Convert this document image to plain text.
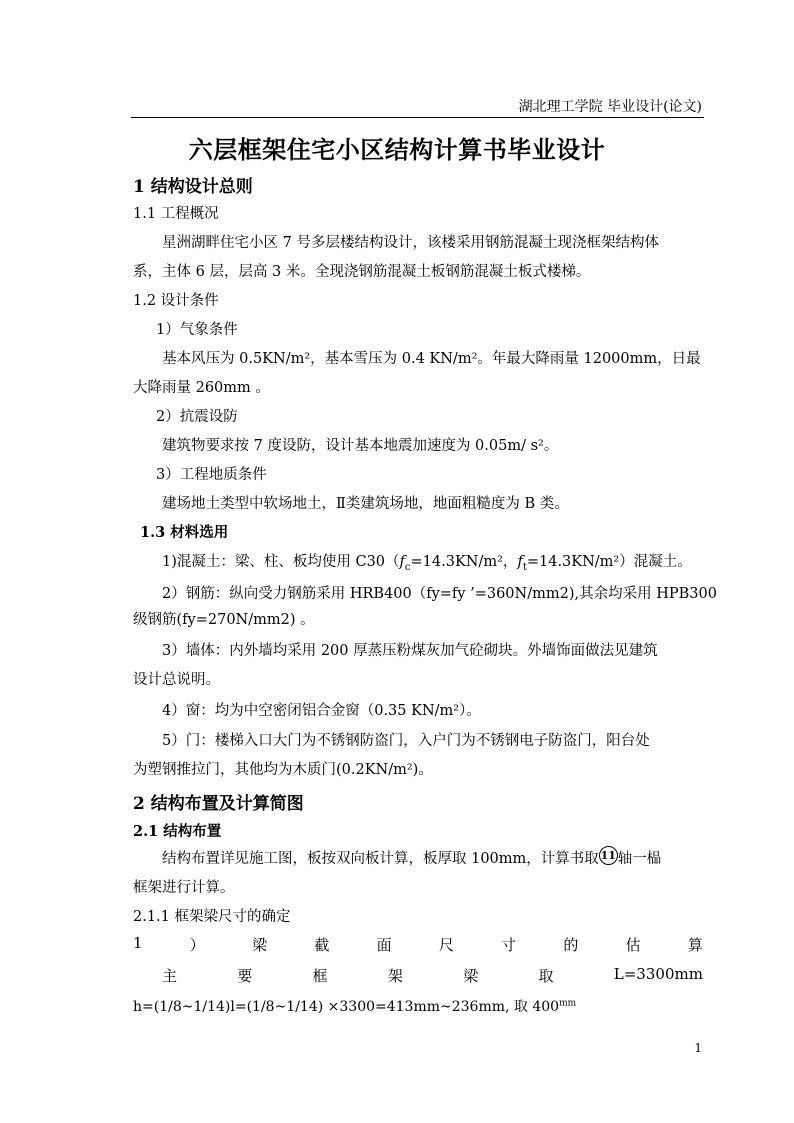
湖北理工学院 毕业设计(论文)
六层框架住宅小区结构计算书毕业设计
1 结构设计总则
1.1 工程概况
星洲湖畔住宅小区 7 号多层楼结构设计，该楼采用钢筋混凝土现浇框架结构体
系，主体 6 层，层高 3 米。全现浇钢筋混凝土板钢筋混凝土板式楼梯。
1.2 设计条件
1）气象条件
基本风压为 0.5KN/m²，基本雪压为 0.4 KN/m²。年最大降雨量 12000mm，日最
大降雨量 260mm 。
2）抗震设防
建筑物要求按 7 度设防，设计基本地震加速度为 0.05m/ s²。
3）工程地质条件
建场地土类型中软场地土，Ⅱ类建筑场地，地面粗糙度为 B 类。
1.3 材料选用
1)混凝土：梁、柱、板均使用 $C30(f_c=14.3KN/m^2$，$f_t=14.3KN/m^2$）混凝土。
2）钢筋：纵向受力钢筋采用 HRB400（fy=fy ’=360N/mm2),其余均采用 HPB300
级钢筋(fy=270N/mm2) 。
3）墙体：内外墙均采用 200 厚蒸压粉煤灰加气砼砌块。外墙饰面做法见建筑
设计总说明。
4）窗：均为中空密闭铝合金窗（0.35 KN/m²）。
5）门：楼梯入口大门为不锈钢防盗门，入户门为不锈钢电子防盗门，阳台处
为塑钢推拉门，其他均为木质门(0.2KN/m²)。
2 结构布置及计算简图
2.1 结构布置
结构布置详见施工图，板按双向板计算，板厚取 100mm，计算书取 11 轴一榀
框架进行计算。
2.1.1 框架梁尺寸的确定
1	）	梁	截	面	尺	寸	的	估	算
主	要	框	架	梁	取	L=3300mm
h=(1/8~1/14)l=(1/8~1/14) ×3300=413mm~236mm, 取 $400^{mm}$
1
